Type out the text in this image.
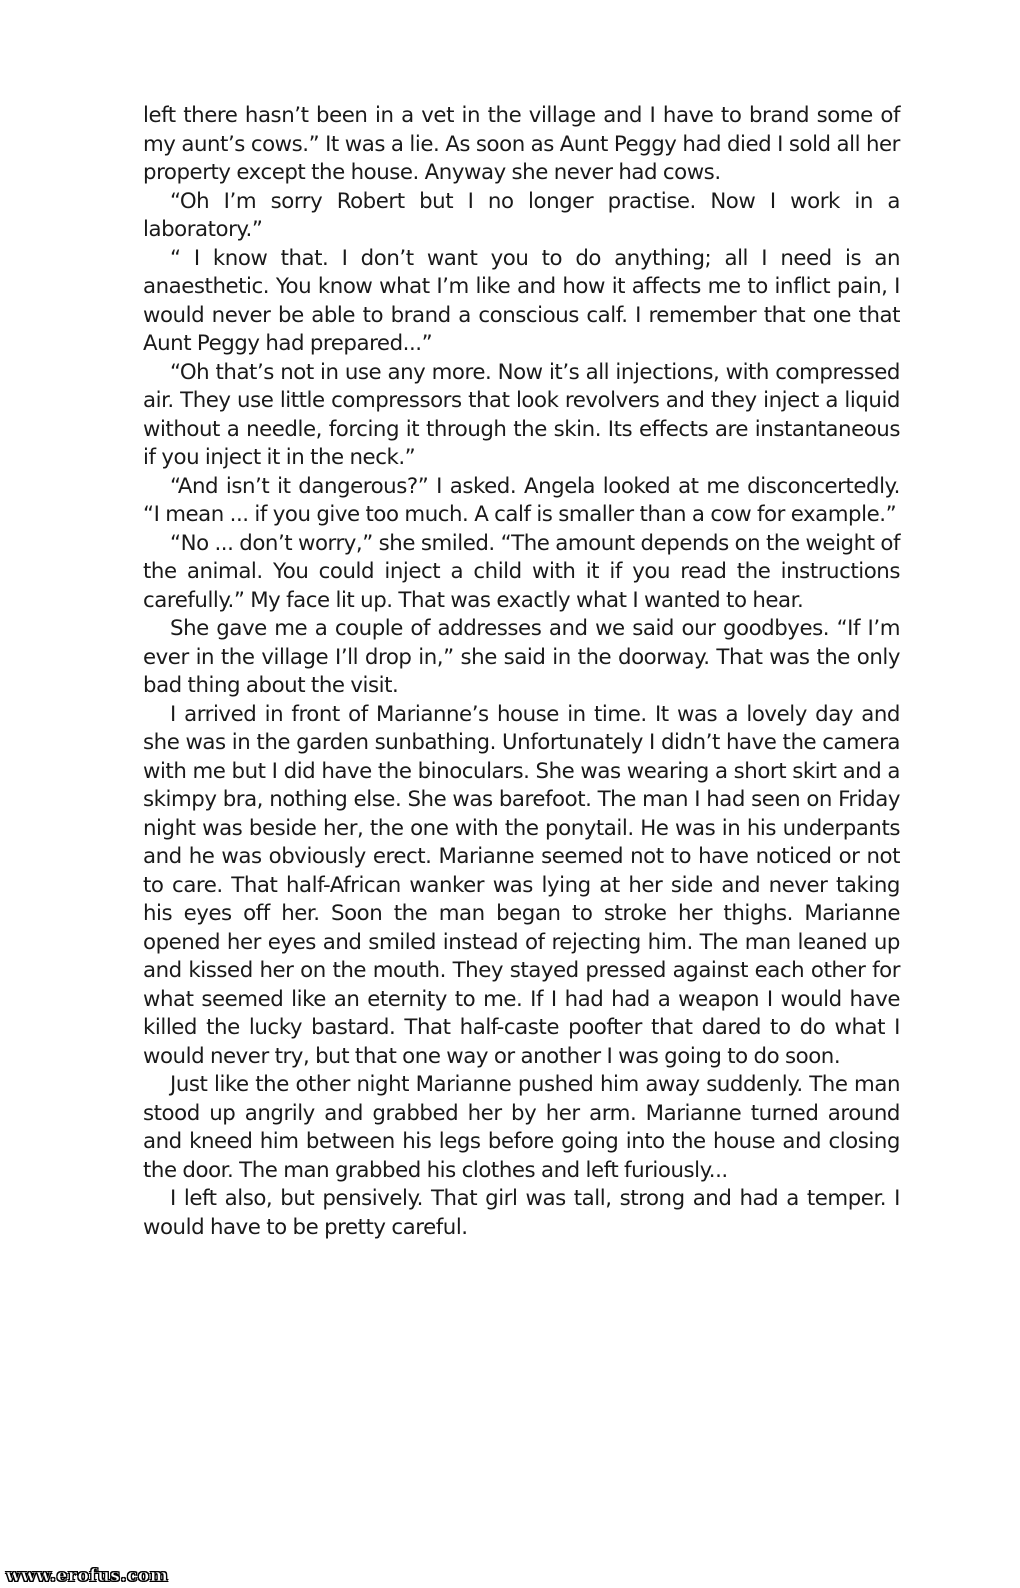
left there hasn’t been in a vet in the village and I have to brand some of my aunt’s cows.” It was a lie. As soon as Aunt Peggy had died I sold all her property except the house. Anyway she never had cows.

“Oh I’m sorry Robert but I no longer practise. Now I work in a laboratory.”

“ I know that. I don’t want you to do anything; all I need is an anaesthetic. You know what I’m like and how it affects me to inflict pain, I would never be able to brand a conscious calf. I remember that one that Aunt Peggy had prepared...”

“Oh that’s not in use any more. Now it’s all injections, with compressed air. They use little compressors that look revolvers and they inject a liquid without a needle, forcing it through the skin. Its effects are instantaneous if you inject it in the neck.”

“And isn’t it dangerous?” I asked. Angela looked at me disconcertedly. “I mean ... if you give too much. A calf is smaller than a cow for example.”

“No ... don’t worry,” she smiled. “The amount depends on the weight of the animal. You could inject a child with it if you read the instructions carefully.” My face lit up. That was exactly what I wanted to hear.

She gave me a couple of addresses and we said our goodbyes. “If I’m ever in the village I’ll drop in,” she said in the doorway. That was the only bad thing about the visit.

I arrived in front of Marianne’s house in time. It was a lovely day and she was in the garden sunbathing. Unfortunately I didn’t have the camera with me but I did have the binoculars. She was wearing a short skirt and a skimpy bra, nothing else. She was barefoot. The man I had seen on Friday night was beside her, the one with the ponytail. He was in his underpants and he was obviously erect. Marianne seemed not to have noticed or not to care. That half-African wanker was lying at her side and never taking his eyes off her. Soon the man began to stroke her thighs. Marianne opened her eyes and smiled instead of rejecting him. The man leaned up and kissed her on the mouth. They stayed pressed against each other for what seemed like an eternity to me. If I had had a weapon I would have killed the lucky bastard. That half-caste poofter that dared to do what I would never try, but that one way or another I was going to do soon.

Just like the other night Marianne pushed him away suddenly. The man stood up angrily and grabbed her by her arm. Marianne turned around and kneed him between his legs before going into the house and closing the door. The man grabbed his clothes and left furiously...

I left also, but pensively. That girl was tall, strong and had a temper. I would have to be pretty careful.

www.erofus.com
